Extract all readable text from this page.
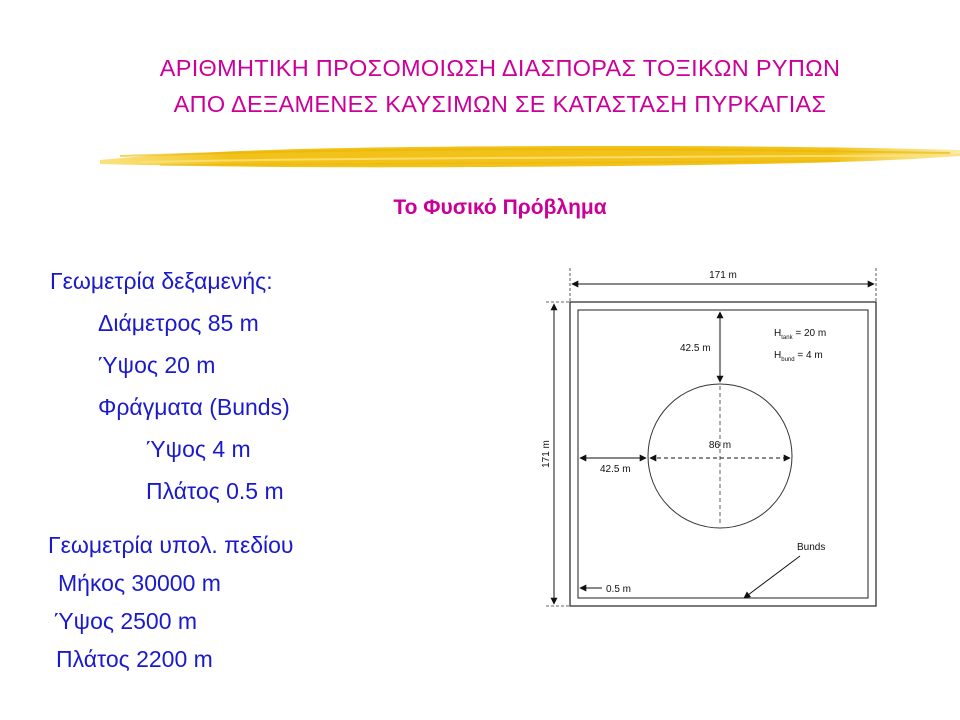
ΑΡΙΘΜΗΤΙΚΗ ΠΡΟΣΟΜΟΙΩΣΗ ΔΙΑΣΠΟΡΑΣ ΤΟΞΙΚΩΝ ΡΥΠΩΝ
ΑΠΟ ΔΕΞΑΜΕΝΕΣ ΚΑΥΣΙΜΩΝ ΣΕ ΚΑΤΑΣΤΑΣΗ ΠΥΡΚΑΓΙΑΣ
Το Φυσικό Πρόβλημα
Γεωμετρία δεξαμενής:
Διάμετρος 85 m
Ύψος 20 m
Φράγματα (Bunds)
Ύψος 4 m
Πλάτος 0.5 m
Γεωμετρία υπολ. πεδίου
Μήκος 30000 m
Ύψος 2500 m
Πλάτος 2200 m
171 m
171 m
42.5 m
42.5 m
86 m
$H_{tank} = 20$ m
$H_{bund} = 4$ m
Bunds
0.5 m
